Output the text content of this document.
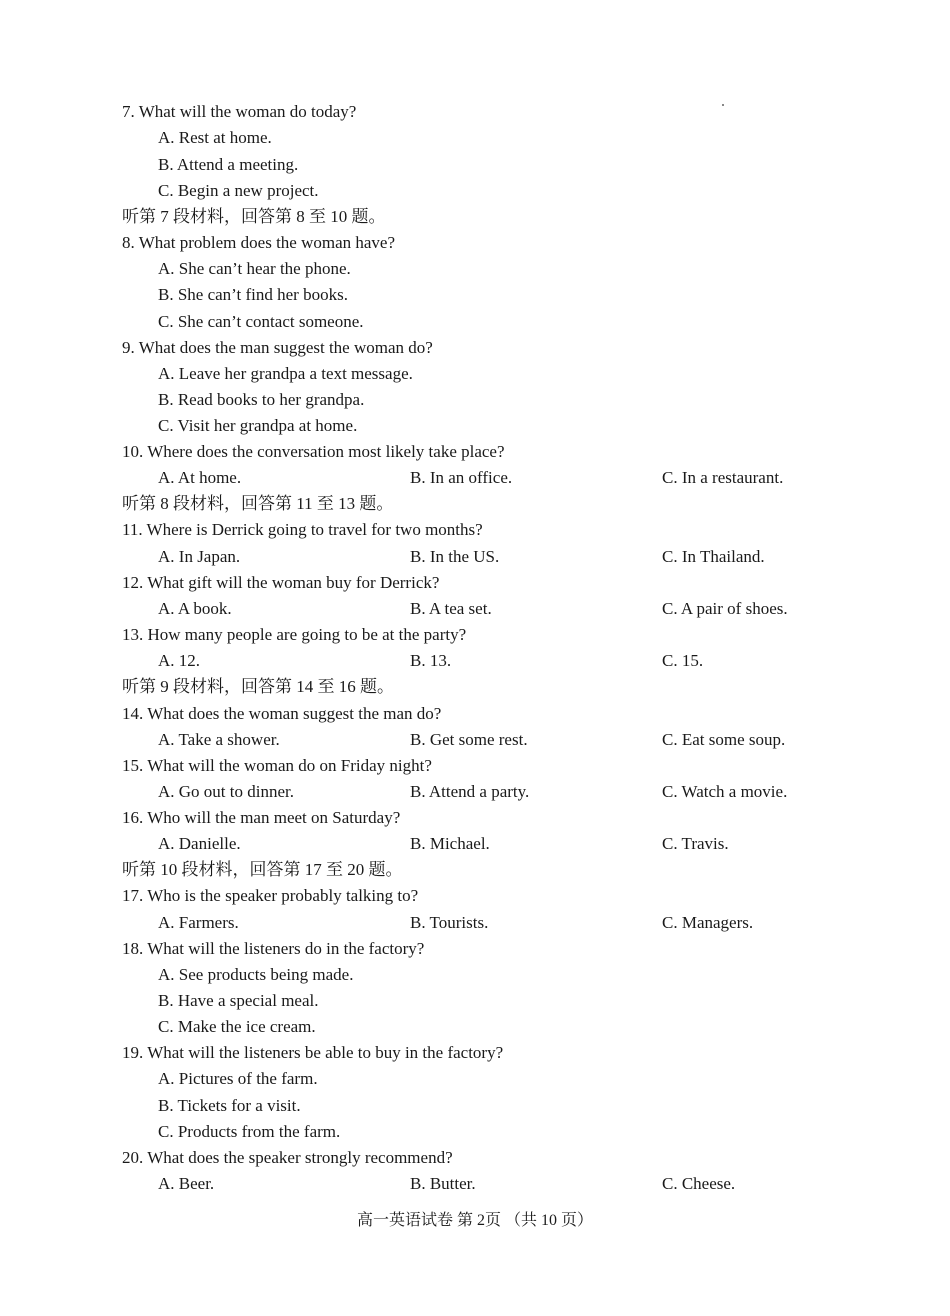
7. What will the woman do today?
A. Rest at home.
B. Attend a meeting.
C. Begin a new project.
听第 7 段材料，回答第 8 至 10 题。
8. What problem does the woman have?
A. She can’t hear the phone.
B. She can’t find her books.
C. She can’t contact someone.
9. What does the man suggest the woman do?
A. Leave her grandpa a text message.
B. Read books to her grandpa.
C. Visit her grandpa at home.
10. Where does the conversation most likely take place?
A. At home.	B. In an office.	C. In a restaurant.
听第 8 段材料，回答第 11 至 13 题。
11. Where is Derrick going to travel for two months?
A. In Japan.	B. In the US.	C. In Thailand.
12. What gift will the woman buy for Derrick?
A. A book.	B. A tea set.	C. A pair of shoes.
13. How many people are going to be at the party?
A. 12.	B. 13.	C. 15.
听第 9 段材料，回答第 14 至 16 题。
14. What does the woman suggest the man do?
A. Take a shower.	B. Get some rest.	C. Eat some soup.
15. What will the woman do on Friday night?
A. Go out to dinner.	B. Attend a party.	C. Watch a movie.
16. Who will the man meet on Saturday?
A. Danielle.	B. Michael.	C. Travis.
听第 10 段材料，回答第 17 至 20 题。
17. Who is the speaker probably talking to?
A. Farmers.	B. Tourists.	C. Managers.
18. What will the listeners do in the factory?
A. See products being made.
B. Have a special meal.
C. Make the ice cream.
19. What will the listeners be able to buy in the factory?
A. Pictures of the farm.
B. Tickets for a visit.
C. Products from the farm.
20. What does the speaker strongly recommend?
A. Beer.	B. Butter.	C. Cheese.
高一英语试卷 第 2页 （共 10 页）
